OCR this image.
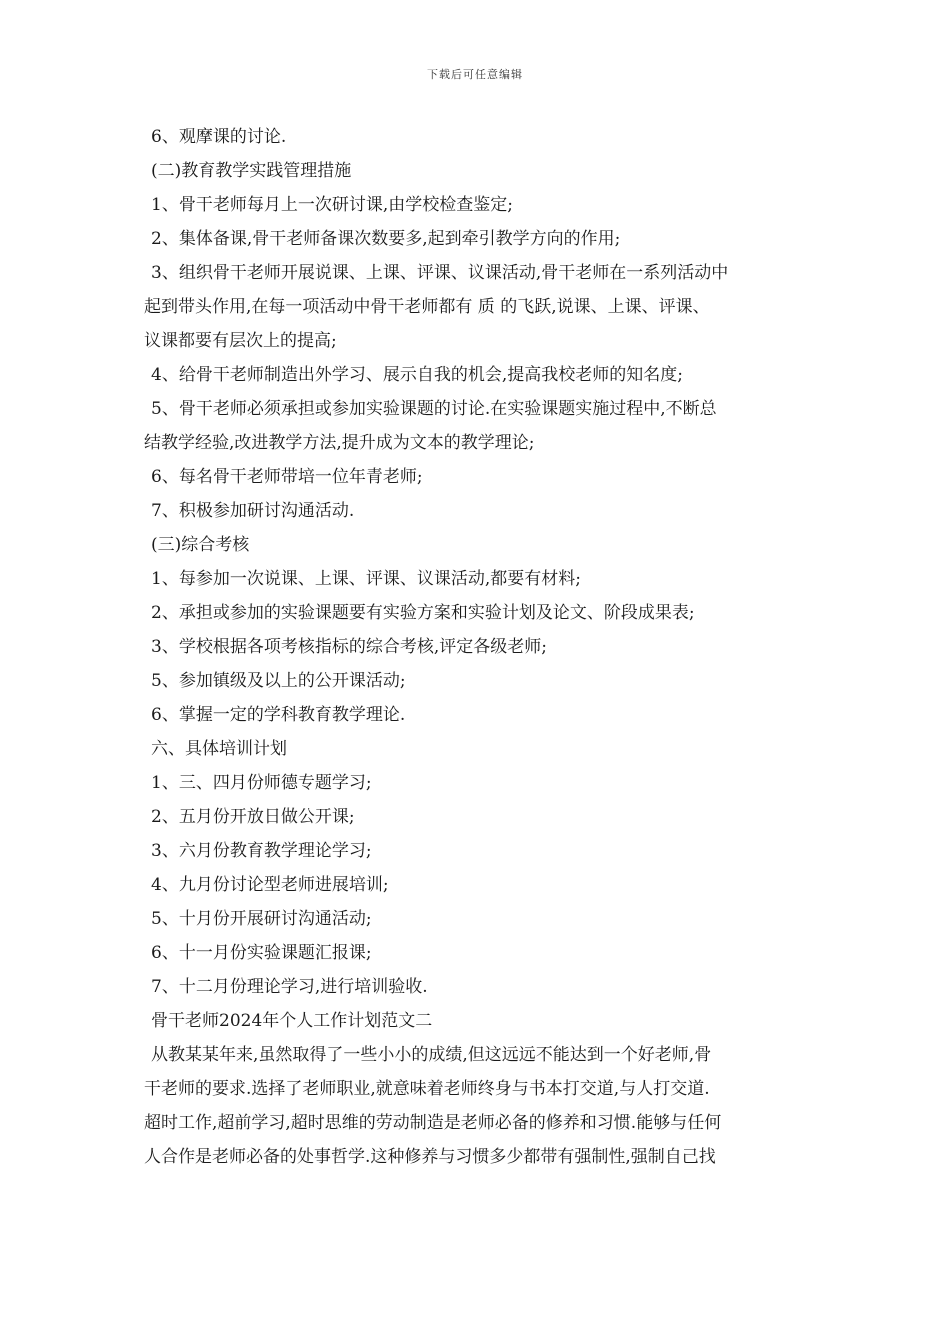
下载后可任意编辑
6、观摩课的讨论.
(二)教育教学实践管理措施
1、骨干老师每月上一次研讨课,由学校检查鉴定;
2、集体备课,骨干老师备课次数要多,起到牵引教学方向的作用;
3、组织骨干老师开展说课、上课、评课、议课活动,骨干老师在一系列活动中
起到带头作用,在每一项活动中骨干老师都有 质 的飞跃,说课、上课、评课、
议课都要有层次上的提高;
4、给骨干老师制造出外学习、展示自我的机会,提高我校老师的知名度;
5、骨干老师必须承担或参加实验课题的讨论.在实验课题实施过程中,不断总
结教学经验,改进教学方法,提升成为文本的教学理论;
6、每名骨干老师带培一位年青老师;
7、积极参加研讨沟通活动.
(三)综合考核
1、每参加一次说课、上课、评课、议课活动,都要有材料;
2、承担或参加的实验课题要有实验方案和实验计划及论文、阶段成果表;
3、学校根据各项考核指标的综合考核,评定各级老师;
5、参加镇级及以上的公开课活动;
6、掌握一定的学科教育教学理论.
六、具体培训计划
1、三、四月份师德专题学习;
2、五月份开放日做公开课;
3、六月份教育教学理论学习;
4、九月份讨论型老师进展培训;
5、十月份开展研讨沟通活动;
6、十一月份实验课题汇报课;
7、十二月份理论学习,进行培训验收.
骨干老师2024年个人工作计划范文二
从教某某年来,虽然取得了一些小小的成绩,但这远远不能达到一个好老师,骨
干老师的要求.选择了老师职业,就意味着老师终身与书本打交道,与人打交道.
超时工作,超前学习,超时思维的劳动制造是老师必备的修养和习惯.能够与任何
人合作是老师必备的处事哲学.这种修养与习惯多少都带有强制性,强制自己找
